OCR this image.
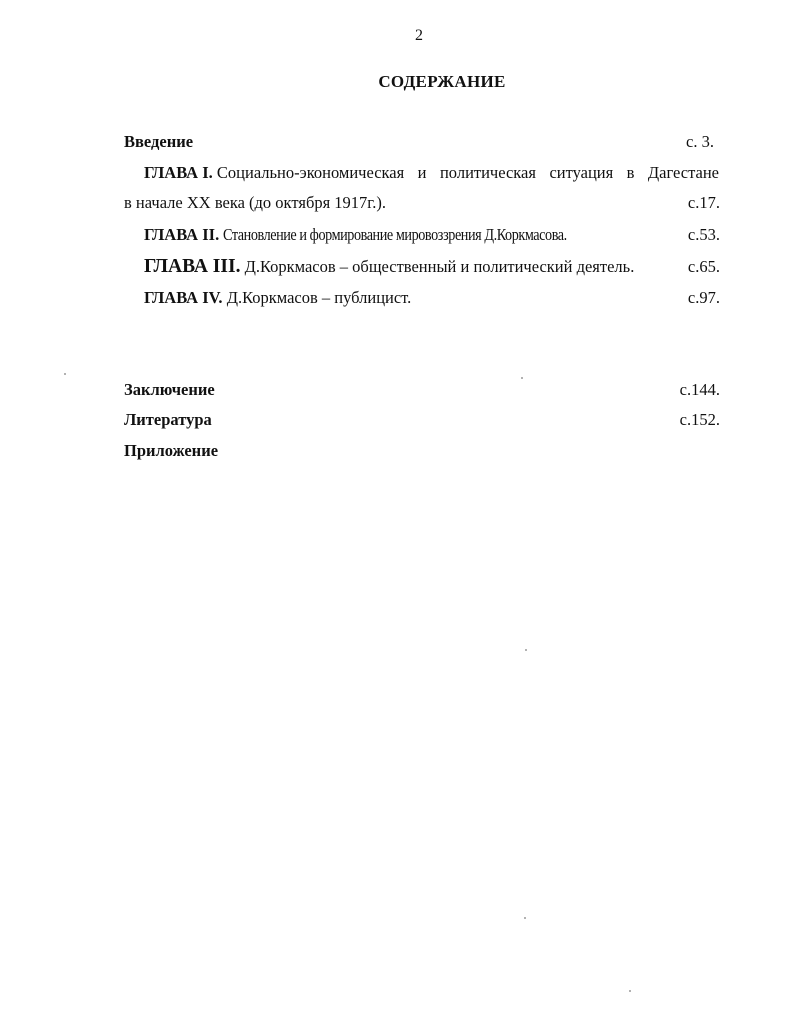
2
СОДЕРЖАНИЕ
Введение	с. 3.
ГЛАВА I. Социально-экономическая и политическая ситуация в Дагестане
в начале XX века (до октября 1917г.).	с.17.
ГЛАВА II. Становление и формирование мировоззрения Д.Коркмасова.	с.53.
ГЛАВА III. Д.Коркмасов – общественный и политический деятель.	с.65.
ГЛАВА IV. Д.Коркмасов – публицист.	с.97.
Заключение	с.144.
Литература	с.152.
Приложение
